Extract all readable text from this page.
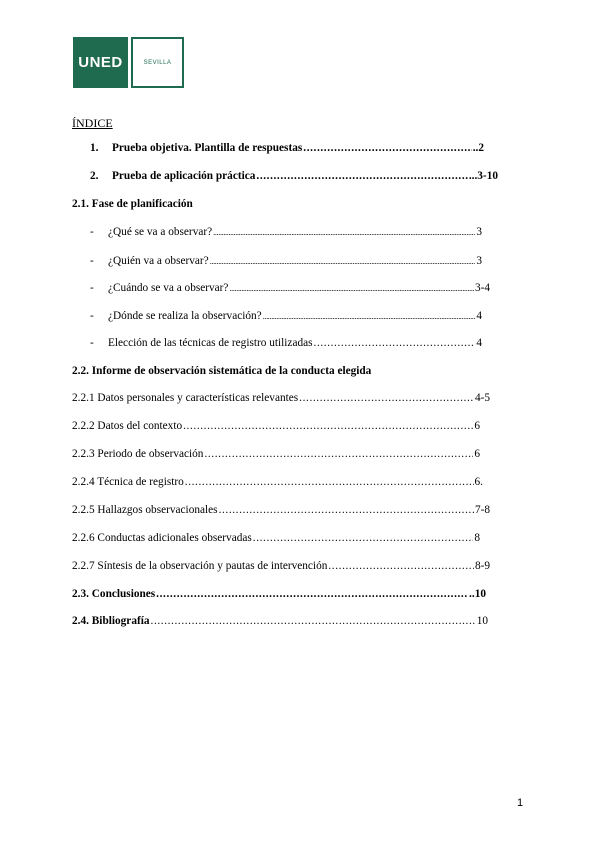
UNED	SEVILLA
ÍNDICE
1.	Prueba objetiva. Plantilla de respuestas .....	..2
2.	Prueba de aplicación práctica .....	...3-10
2.1. Fase de planificación
-	¿Qué se va a observar? .....	3
-	¿Quién va a observar? .....	3
-	¿Cuándo se va a observar? .....	3-4
-	¿Dónde se realiza la observación? .....	4
-	Elección de las técnicas de registro utilizadas .....	4
2.2. Informe de observación sistemática de la conducta elegida
2.2.1 Datos personales y características relevantes .....	4-5
2.2.2 Datos del contexto .....	6
2.2.3 Periodo de observación .....	6
2.2.4 Técnica de registro .....	6.
2.2.5 Hallazgos observacionales .....	7-8
2.2.6 Conductas adicionales observadas .....	8
2.2.7 Síntesis de la observación y pautas de intervención .....	8-9
2.3. Conclusiones .....	..10
2.4. Bibliografía .....	10
1
